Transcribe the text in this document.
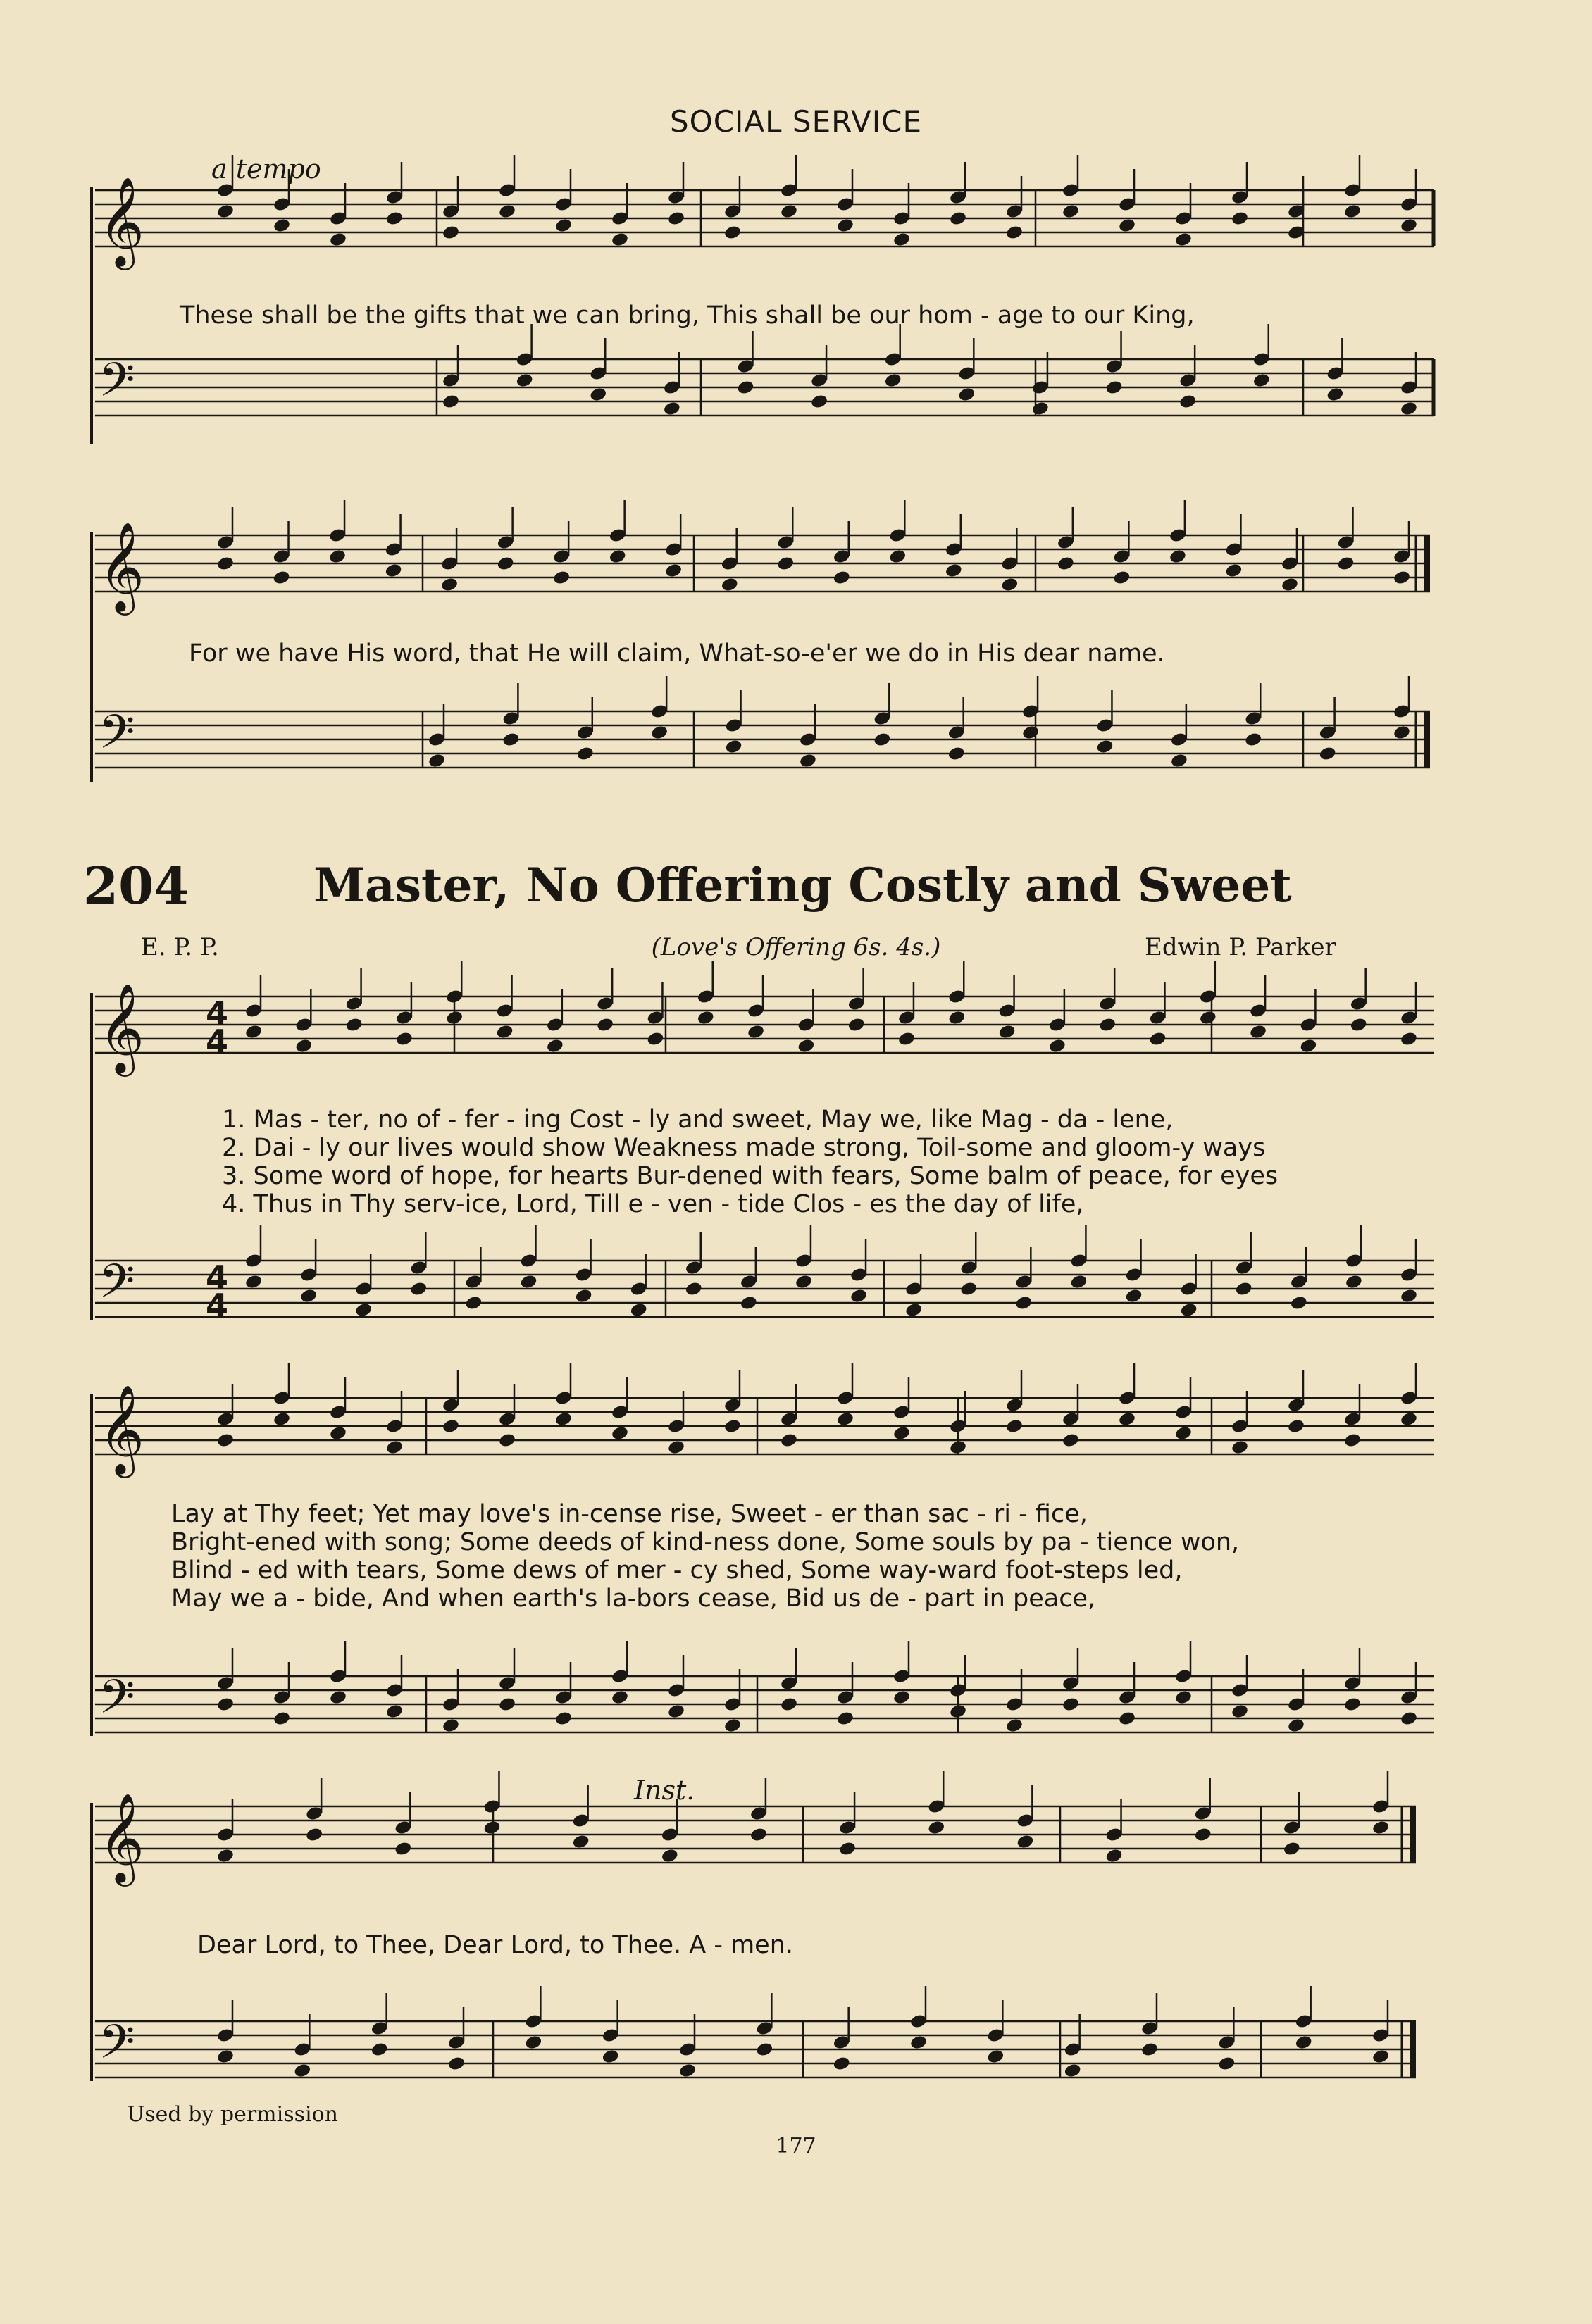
𝄞
𝄢
𝄞
𝄢
𝄞
𝄢
𝄞
𝄢
𝄞
𝄢
4
4
4
4
SOCIAL SERVICE
a tempo
These shall be the gifts that we can bring, This shall be our hom - age to our King,
For we have His word, that He will claim, What-so-e'er we do in His dear name.
204	Master, No Offering Costly and Sweet
E. P. P.	(Love's Offering 6s. 4s.)	Edwin P. Parker
1. Mas - ter, no of - fer - ing Cost - ly and sweet, May we, like Mag - da - lene,
2. Dai - ly our lives would show Weakness made strong, Toil-some and gloom-y ways
3. Some word of hope, for hearts Bur-dened with fears, Some balm of peace, for eyes
4. Thus in Thy serv-ice, Lord, Till e - ven - tide Clos - es the day of life,
Lay at Thy feet; Yet may love's in-cense rise, Sweet - er than sac - ri - fice,
Bright-ened with song; Some deeds of kind-ness done, Some souls by pa - tience won,
Blind - ed with tears, Some dews of mer - cy shed, Some way-ward foot-steps led,
May we a - bide, And when earth's la-bors cease, Bid us de - part in peace,
Inst.
Dear Lord, to Thee, Dear Lord, to Thee. A - men.
Used by permission
177
